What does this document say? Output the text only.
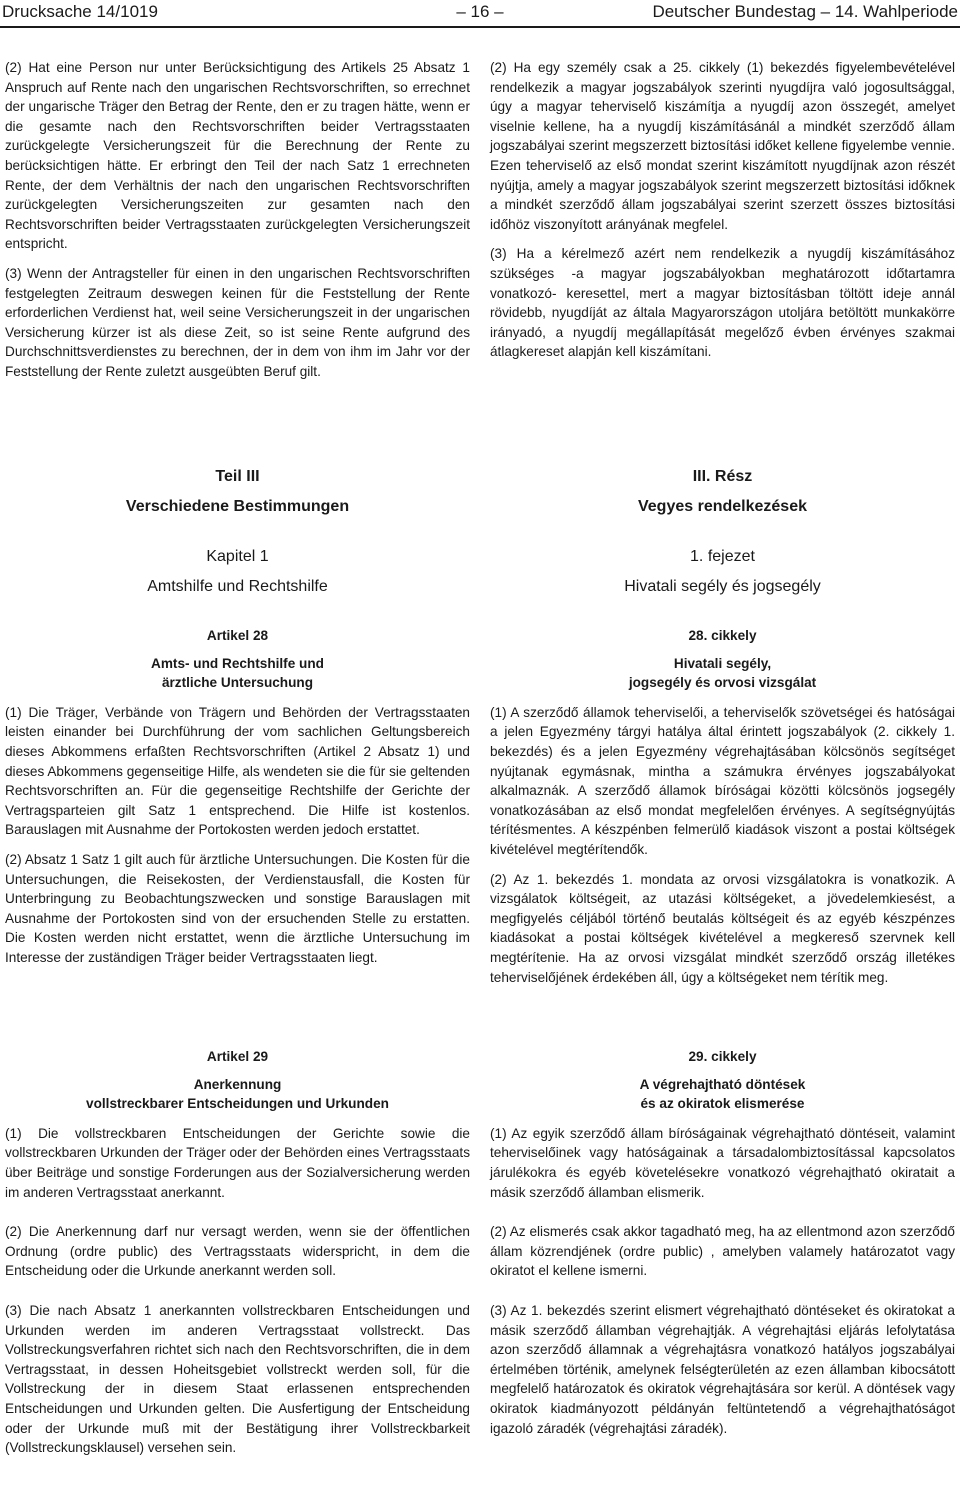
Drucksache 14/1019	– 16 –	Deutscher Bundestag – 14. Wahlperiode

(2) Hat eine Person nur unter Berücksichtigung des Artikels 25 Absatz 1 Anspruch auf Rente nach den ungarischen Rechtsvorschriften, so errechnet der ungarische Träger den Betrag der Rente, den er zu tragen hätte, wenn er die gesamte nach den Rechtsvorschriften beider Vertragsstaaten zurückgelegte Versicherungszeit für die Berechnung der Rente zu berücksichtigen hätte. Er erbringt den Teil der nach Satz 1 errechneten Rente, der dem Verhältnis der nach den ungarischen Rechtsvorschriften zurückgelegten Versicherungszeiten zur gesamten nach den Rechtsvorschriften beider Vertragsstaaten zurückgelegten Versicherungszeit entspricht.

(3) Wenn der Antragsteller für einen in den ungarischen Rechtsvorschriften festgelegten Zeitraum deswegen keinen für die Feststellung der Rente erforderlichen Verdienst hat, weil seine Versicherungszeit in der ungarischen Versicherung kürzer ist als diese Zeit, so ist seine Rente aufgrund des Durchschnittsverdienstes zu berechnen, der in dem von ihm im Jahr vor der Feststellung der Rente zuletzt ausgeübten Beruf gilt.

(2) Ha egy személy csak a 25. cikkely (1) bekezdés figyelembevételével rendelkezik a magyar jogszabályok szerinti nyugdíjra való jogosultsággal, úgy a magyar teherviselő kiszámítja a nyugdíj azon összegét, amelyet viselnie kellene, ha a nyugdíj kiszámításánál a mindkét szerződő állam jogszabályai szerint megszerzett biztosítási időket kellene figyelembe vennie. Ezen teherviselő az első mondat szerint kiszámított nyugdíjnak azon részét nyújtja, amely a magyar jogszabályok szerint megszerzett biztosítási időknek a mindkét szerződő állam jogszabályai szerint szerzett összes biztosítási időhöz viszonyított arányának megfelel.

(3) Ha a kérelmező azért nem rendelkezik a nyugdíj kiszámításához szükséges -a magyar jogszabályokban meghatározott időtartamra vonatkozó- keresettel, mert a magyar biztosításban töltött ideje annál rövidebb, nyugdíját az általa Magyarországon utoljára betöltött munkakörre irányadó, a nyugdíj megállapítását megelőző évben érvényes szakmai átlagkereset alapján kell kiszámítani.

Teil III
Verschiedene Bestimmungen
Kapitel 1
Amtshilfe und Rechtshilfe
Artikel 28
Amts- und Rechtshilfe und
ärztliche Untersuchung

(1) Die Träger, Verbände von Trägern und Behörden der Vertragsstaaten leisten einander bei Durchführung der vom sachlichen Geltungsbereich dieses Abkommens erfaßten Rechtsvorschriften (Artikel 2 Absatz 1) und dieses Abkommens gegenseitige Hilfe, als wendeten sie die für sie geltenden Rechtsvorschriften an. Für die gegenseitige Rechtshilfe der Gerichte der Vertragsparteien gilt Satz 1 entsprechend. Die Hilfe ist kostenlos. Barauslagen mit Ausnahme der Portokosten werden jedoch erstattet.

(2) Absatz 1 Satz 1 gilt auch für ärztliche Untersuchungen. Die Kosten für die Untersuchungen, die Reisekosten, der Verdienstausfall, die Kosten für Unterbringung zu Beobachtungszwecken und sonstige Barauslagen mit Ausnahme der Portokosten sind von der ersuchenden Stelle zu erstatten. Die Kosten werden nicht erstattet, wenn die ärztliche Untersuchung im Interesse der zuständigen Träger beider Vertragsstaaten liegt.

III. Rész
Vegyes rendelkezések
1. fejezet
Hivatali segély és jogsegély
28. cikkely
Hivatali segély,
jogsegély és orvosi vizsgálat

(1) A szerződő államok teherviselői, a teherviselők szövetségei és hatóságai a jelen Egyezmény tárgyi hatálya által érintett jogszabályok (2. cikkely 1. bekezdés) és a jelen Egyezmény végrehajtásában kölcsönös segítséget nyújtanak egymásnak, mintha a számukra érvényes jogszabályokat alkalmaznák. A szerződő államok bíróságai közötti kölcsönös jogsegély vonatkozásában az első mondat megfelelően érvényes. A segítségnyújtás térítésmentes. A készpénben felmerülő kiadások viszont a postai költségek kivételével megtérítendők.

(2) Az 1. bekezdés 1. mondata az orvosi vizsgálatokra is vonatkozik. A vizsgálatok költségeit, az utazási költségeket, a jövedelemkiesést, a megfigyelés céljából történő beutalás költségeit és az egyéb készpénzes kiadásokat a postai költségek kivételével a megkereső szervnek kell megtérítenie. Ha az orvosi vizsgálat mindkét szerződő ország illetékes teherviselőjének érdekében áll, úgy a költségeket nem térítik meg.

Artikel 29
Anerkennung
vollstreckbarer Entscheidungen und Urkunden

(1) Die vollstreckbaren Entscheidungen der Gerichte sowie die vollstreckbaren Urkunden der Träger oder der Behörden eines Vertragsstaats über Beiträge und sonstige Forderungen aus der Sozialversicherung werden im anderen Vertragsstaat anerkannt.

(2) Die Anerkennung darf nur versagt werden, wenn sie der öffentlichen Ordnung (ordre public) des Vertragsstaats widerspricht, in dem die Entscheidung oder die Urkunde anerkannt werden soll.

(3) Die nach Absatz 1 anerkannten vollstreckbaren Entscheidungen und Urkunden werden im anderen Vertragsstaat vollstreckt. Das Vollstreckungsverfahren richtet sich nach den Rechtsvorschriften, die in dem Vertragsstaat, in dessen Hoheitsgebiet vollstreckt werden soll, für die Vollstreckung der in diesem Staat erlassenen entsprechenden Entscheidungen und Urkunden gelten. Die Ausfertigung der Entscheidung oder der Urkunde muß mit der Bestätigung ihrer Vollstreckbarkeit (Vollstreckungsklausel) versehen sein.

29. cikkely
A végrehajtható döntések
és az okiratok elismerése

(1) Az egyik szerződő állam bíróságainak végrehajtható döntéseit, valamint teherviselőinek vagy hatóságainak a társadalombiztosítással kapcsolatos járulékokra és egyéb követelésekre vonatkozó végrehajtható okiratait a másik szerződő államban elismerik.

(2) Az elismerés csak akkor tagadható meg, ha az ellentmond azon szerződő állam közrendjének (ordre public) , amelyben valamely határozatot vagy okiratot el kellene ismerni.

(3) Az 1. bekezdés szerint elismert végrehajtható döntéseket és okiratokat a másik szerződő államban végrehajtják. A végrehajtási eljárás lefolytatása azon szerződő államnak a végrehajtásra vonatkozó hatályos jogszabályai értelmében történik, amelynek felségterületén az ezen államban kibocsátott megfelelő határozatok és okiratok végrehajtására sor kerül. A döntések vagy okiratok kiadmányozott példányán feltüntetendő a végrehajthatóságot igazoló záradék (végrehajtási záradék).
